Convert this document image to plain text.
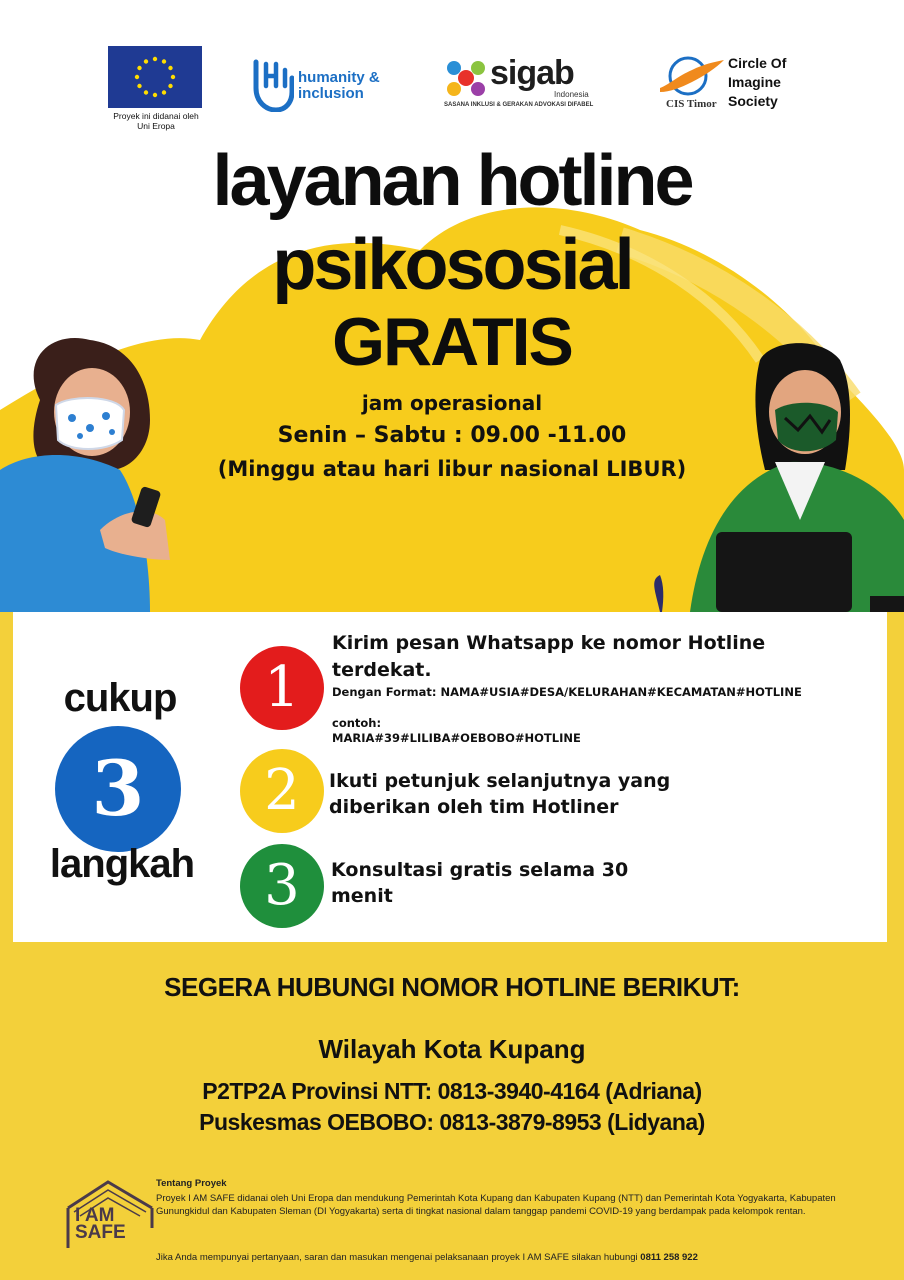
Proyek ini didanai oleh Uni Eropa
humanity & inclusion
sigab
Indonesia
SASANA INKLUSI & GERAKAN ADVOKASI DIFABEL
Circle Of Imagine Society
CIS Timor
layanan hotline
psikososial
GRATIS
jam operasional
Senin – Sabtu : 09.00 -11.00
(Minggu atau hari libur nasional LIBUR)
cukup
3
langkah
1
Kirim pesan Whatsapp ke nomor Hotline terdekat.
Dengan Format: NAMA#USIA#DESA/KELURAHAN#KECAMATAN#HOTLINE
contoh:
MARIA#39#LILIBA#OEBOBO#HOTLINE
2	Ikuti petunjuk selanjutnya yang diberikan oleh tim Hotliner
3	Konsultasi gratis selama 30 menit
SEGERA HUBUNGI NOMOR HOTLINE BERIKUT:
Wilayah Kota Kupang
P2TP2A Provinsi NTT: 0813-3940-4164 (Adriana)
Puskesmas OEBOBO: 0813-3879-8953 (Lidyana)
I AM SAFE
Tentang Proyek
Proyek I AM SAFE didanai oleh Uni Eropa dan mendukung Pemerintah Kota Kupang dan Kabupaten Kupang (NTT) dan Pemerintah Kota Yogyakarta, Kabupaten Gunungkidul dan Kabupaten Sleman (DI Yogyakarta) serta di tingkat nasional dalam tanggap pandemi COVID-19 yang berdampak pada kelompok rentan.
Jika Anda mempunyai pertanyaan, saran dan masukan mengenai pelaksanaan proyek I AM SAFE silakan hubungi 0811 258 922
